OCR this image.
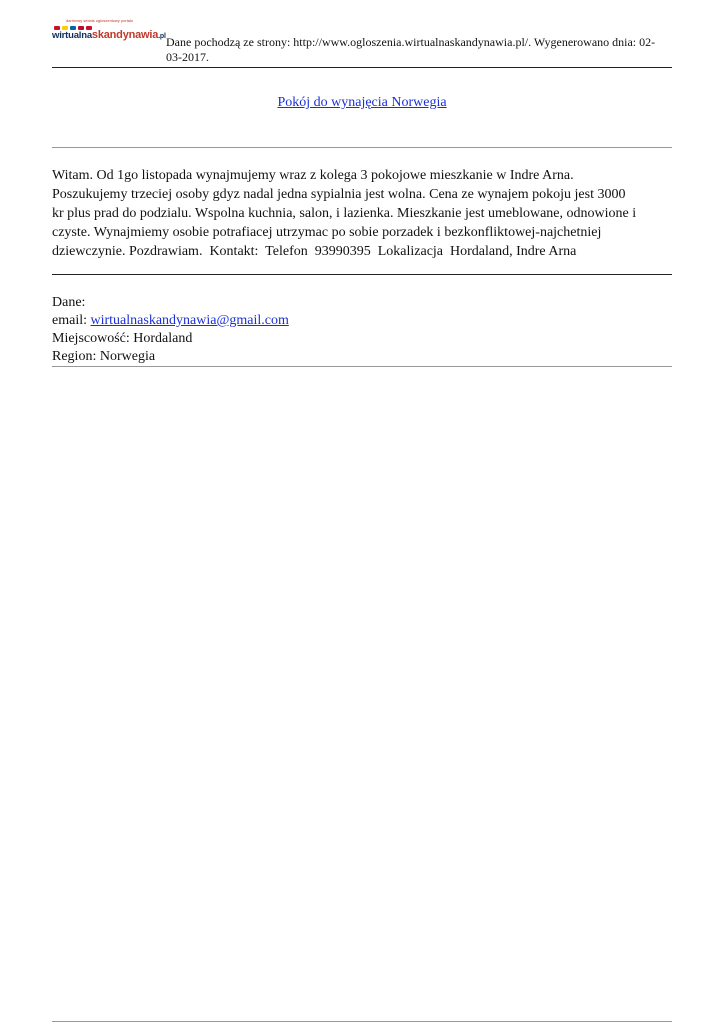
darmowy serwis ogłoszeniowy portalu
wirtualnaskandynawia.pl Dane pochodzą ze strony: http://www.ogloszenia.wirtualnaskandynawia.pl/. Wygenerowano dnia: 02-03-2017.
Pokój do wynajęcia Norwegia

Witam. Od 1go listopada wynajmujemy wraz z kolega 3 pokojowe mieszkanie w Indre Arna.
Poszukujemy trzeciej osoby gdyz nadal jedna sypialnia jest wolna. Cena ze wynajem pokoju jest 3000
kr plus prad do podzialu. Wspolna kuchnia, salon, i lazienka. Mieszkanie jest umeblowane, odnowione i
czyste. Wynajmiemy osobie potrafiacej utrzymac po sobie porzadek i bezkonfliktowej-najchetniej
dziewczynie. Pozdrawiam.  Kontakt:  Telefon  93990395  Lokalizacja  Hordaland, Indre Arna

Dane:
email: wirtualnaskandynawia@gmail.com
Miejscowość: Hordaland
Region: Norwegia
